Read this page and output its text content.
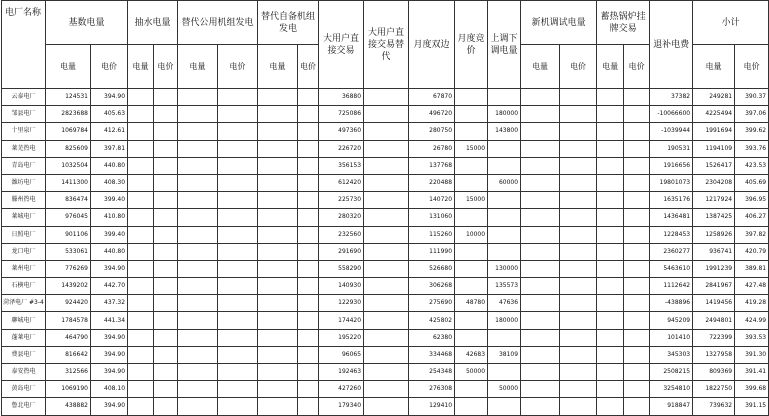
电厂名称	基数电量		抽水电量		替代公用机组发电		替代自备机组发电		大用户直接交易	大用户直接交易替代	月度双边	月度竞价	上调下调电量	新机调试电量		蓄热锅炉挂牌交易		退补电费	小计	
	电量	电价	电量	电价	电量	电价	电量	电价						电量	电价	电量	电价		电量	电价
云泰电厂	124531	394.90							36880		67870							37382	249281	390.37
邹县电厂	2823688	405.63							725086		496720		180000					-10066600	4225494	397.06
十里泉厂	1069784	412.61							497360		280750		143800					-1039944	1991694	399.62
莱芜热电	825609	397.81							226720		26780	15000						190531	1194109	393.76
青岛电厂	1032504	440.80							356153		137768							1916656	1526417	423.53
潍坊电厂	1411300	408.30							612420		220488		60000					19801073	2304208	405.69
滕州热电	836474	399.40							225730		140720	15000						1635176	1217924	396.95
莱城电厂	976045	410.80							280320		131060							1436481	1387425	406.27
日照电厂	901106	399.40							232560		115260	10000						1228453	1258926	397.82
龙口电厂	533061	440.80							291690		111990							2360277	936741	420.79
莱州电厂	776269	394.90							558290		526680		130000					5463610	1991239	389.81
石横电厂	1439202	442.70							140930		306268		135573					1112642	2841967	427.48
菏泽电厂 #3-4	924420	437.32							122930		275690	48780	47636					-438896	1419456	419.28
聊城电厂	1784578	441.34							174420		425802		180000					945209	2494801	424.99
蓬莱电厂	464790	394.90							195220		62380							101410	722399	393.53
费县电厂	816642	394.90							96065		334468	42683	38109					345303	1327958	391.30
泰安热电	312566	394.90							192463		254348	50000						2508215	809369	391.41
黄岛电厂	1069190	408.10							427260		276308		50000					3254810	1822750	399.68
鲁北电厂	438882	394.90							179340		129410							918847	739632	391.15
